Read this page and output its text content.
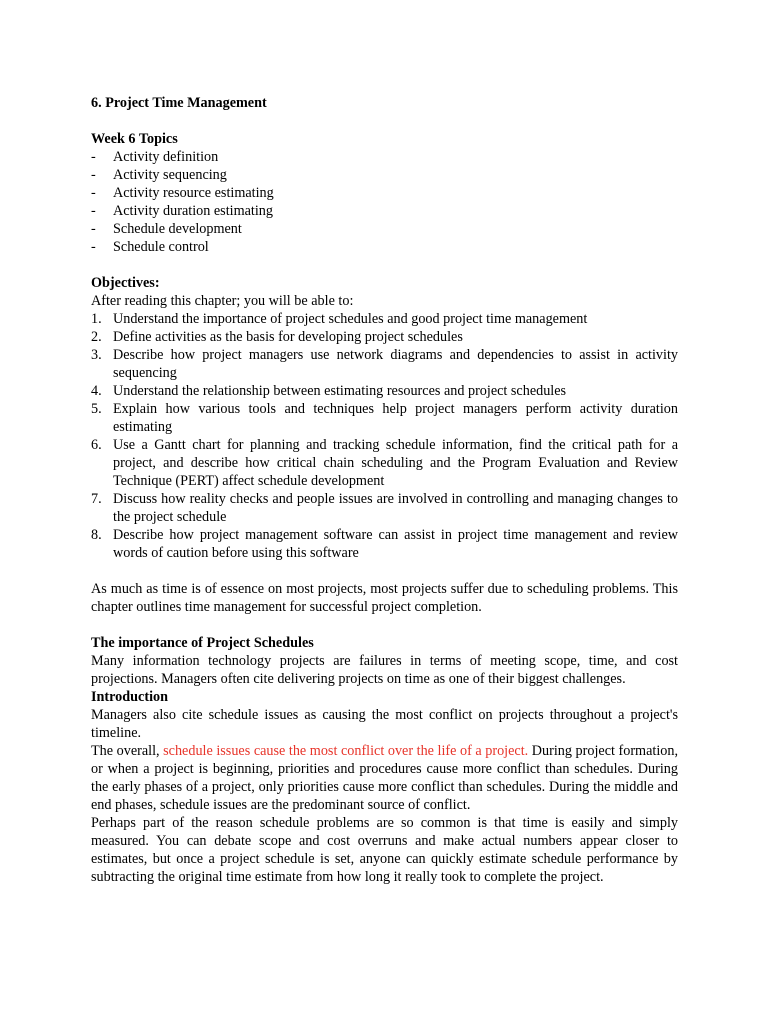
6. Project Time Management
Week 6 Topics
- Activity definition
- Activity sequencing
- Activity resource estimating
- Activity duration estimating
- Schedule development
- Schedule control
Objectives:

After reading this chapter; you will be able to:

1. Understand the importance of project schedules and good project time management
2. Define activities as the basis for developing project schedules
3. Describe how project managers use network diagrams and dependencies to assist in activity sequencing
4. Understand the relationship between estimating resources and project schedules
5. Explain how various tools and techniques help project managers perform activity duration estimating
6. Use a Gantt chart for planning and tracking schedule information, find the critical path for a project, and describe how critical chain scheduling and the Program Evaluation and Review Technique (PERT) affect schedule development
7. Discuss how reality checks and people issues are involved in controlling and managing changes to the project schedule
8. Describe how project management software can assist in project time management and review words of caution before using this software

As much as time is of essence on most projects, most projects suffer due to scheduling problems. This chapter outlines time management for successful project completion.

The importance of Project Schedules

Many information technology projects are failures in terms of meeting scope, time, and cost projections. Managers often cite delivering projects on time as one of their biggest challenges.

Introduction

Managers also cite schedule issues as causing the most conflict on projects throughout a project's timeline.

The overall, schedule issues cause the most conflict over the life of a project. During project formation, or when a project is beginning, priorities and procedures cause more conflict than schedules. During the early phases of a project, only priorities cause more conflict than schedules. During the middle and end phases, schedule issues are the predominant source of conflict.

Perhaps part of the reason schedule problems are so common is that time is easily and simply measured. You can debate scope and cost overruns and make actual numbers appear closer to estimates, but once a project schedule is set, anyone can quickly estimate schedule performance by subtracting the original time estimate from how long it really took to complete the project.
